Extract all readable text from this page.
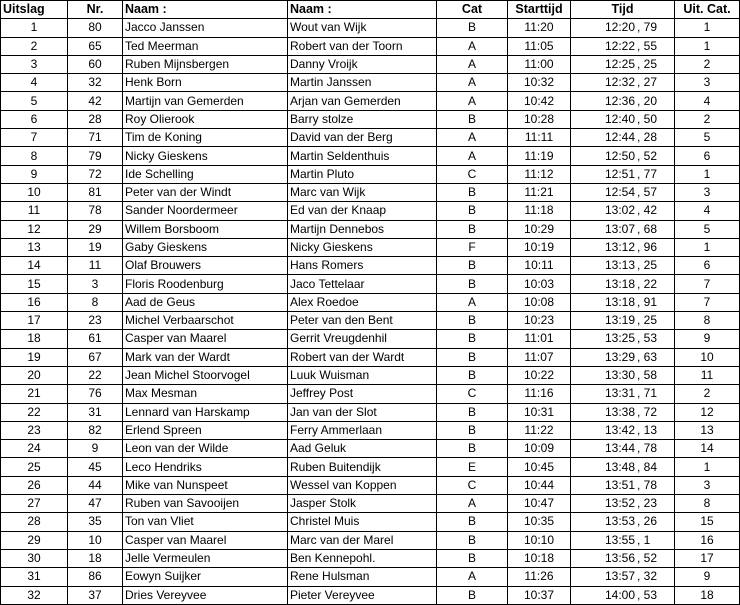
Uitslag	Nr.	Naam :	Naam :	Cat	Starttijd	Tijd	Uit. Cat.
1	80	Jacco Janssen	Wout van Wijk	B	11:20	12:20 , 79	1
2	65	Ted Meerman	Robert van der Toorn	A	11:05	12:22 , 55	1
3	60	Ruben Mijnsbergen	Danny Vroijk	A	11:00	12:25 , 25	2
4	32	Henk Born	Martin Janssen	A	10:32	12:32 , 27	3
5	42	Martijn van Gemerden	Arjan van Gemerden	A	10:42	12:36 , 20	4
6	28	Roy Olierook	Barry stolze	B	10:28	12:40 , 50	2
7	71	Tim de Koning	David van der Berg	A	11:11	12:44 , 28	5
8	79	Nicky Gieskens	Martin Seldenthuis	A	11:19	12:50 , 52	6
9	72	Ide Schelling	Martin Pluto	C	11:12	12:51 , 77	1
10	81	Peter van der Windt	Marc van Wijk	B	11:21	12:54 , 57	3
11	78	Sander Noordermeer	Ed van der Knaap	B	11:18	13:02 , 42	4
12	29	Willem Borsboom	Martijn Dennebos	B	10:29	13:07 , 68	5
13	19	Gaby Gieskens	Nicky Gieskens	F	10:19	13:12 , 96	1
14	11	Olaf Brouwers	Hans Romers	B	10:11	13:13 , 25	6
15	3	Floris Roodenburg	Jaco Tettelaar	B	10:03	13:18 , 22	7
16	8	Aad de Geus	Alex Roedoe	A	10:08	13:18 , 91	7
17	23	Michel Verbaarschot	Peter van den Bent	B	10:23	13:19 , 25	8
18	61	Casper van Maarel	Gerrit Vreugdenhil	B	11:01	13:25 , 53	9
19	67	Mark van der Wardt	Robert van der Wardt	B	11:07	13:29 , 63	10
20	22	Jean Michel Stoorvogel	Luuk Wuisman	B	10:22	13:30 , 58	11
21	76	Max Mesman	Jeffrey Post	C	11:16	13:31 , 71	2
22	31	Lennard van Harskamp	Jan van der Slot	B	10:31	13:38 , 72	12
23	82	Erlend Spreen	Ferry Ammerlaan	B	11:22	13:42 , 13	13
24	9	Leon van der Wilde	Aad Geluk	B	10:09	13:44 , 78	14
25	45	Leco Hendriks	Ruben Buitendijk	E	10:45	13:48 , 84	1
26	44	Mike van Nunspeet	Wessel van Koppen	C	10:44	13:51 , 78	3
27	47	Ruben van Savooijen	Jasper Stolk	A	10:47	13:52 , 23	8
28	35	Ton van Vliet	Christel Muis	B	10:35	13:53 , 26	15
29	10	Casper van Maarel	Marc van der Marel	B	10:10	13:55 , 1	16
30	18	Jelle Vermeulen	Ben Kennepohl.	B	10:18	13:56 , 52	17
31	86	Eowyn Suijker	Rene Hulsman	A	11:26	13:57 , 32	9
32	37	Dries Vereyvee	Pieter Vereyvee	B	10:37	14:00 , 53	18
